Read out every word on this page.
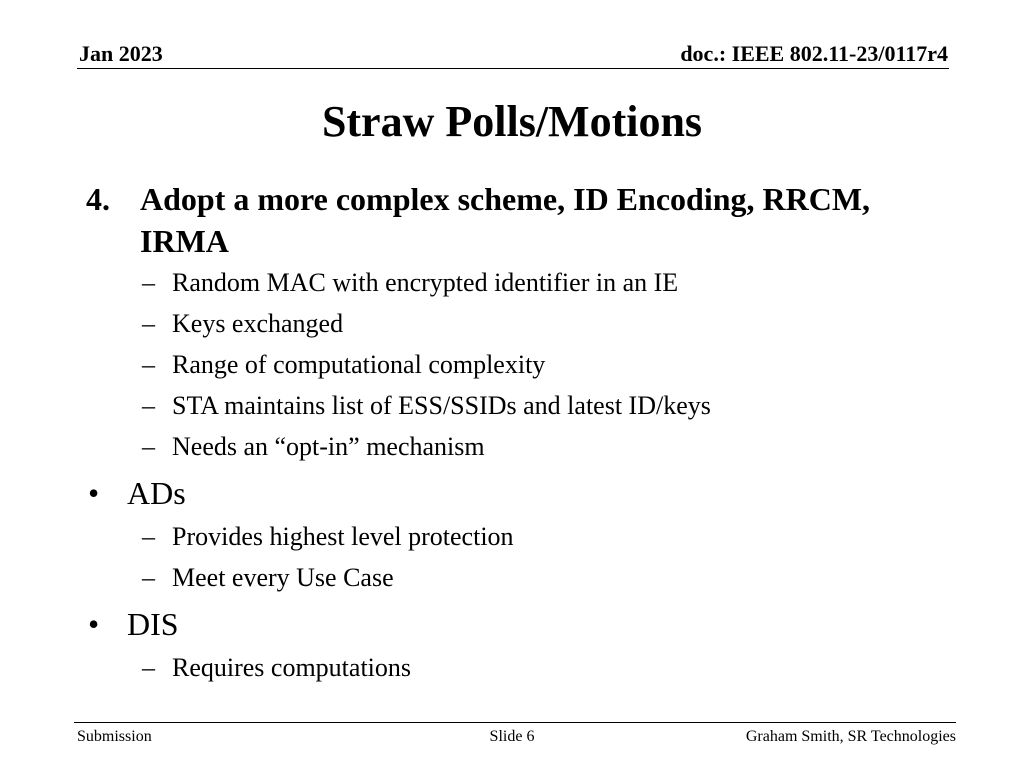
Jan 2023	doc.: IEEE 802.11-23/0117r4
Straw Polls/Motions
4. Adopt a more complex scheme, ID Encoding, RRCM, IRMA
– Random MAC with encrypted identifier in an IE
– Keys exchanged
– Range of computational complexity
– STA maintains list of ESS/SSIDs and latest ID/keys
– Needs an “opt-in” mechanism
• ADs
– Provides highest level protection
– Meet every Use Case
• DIS
– Requires computations
Submission	Slide 6	Graham Smith, SR Technologies
